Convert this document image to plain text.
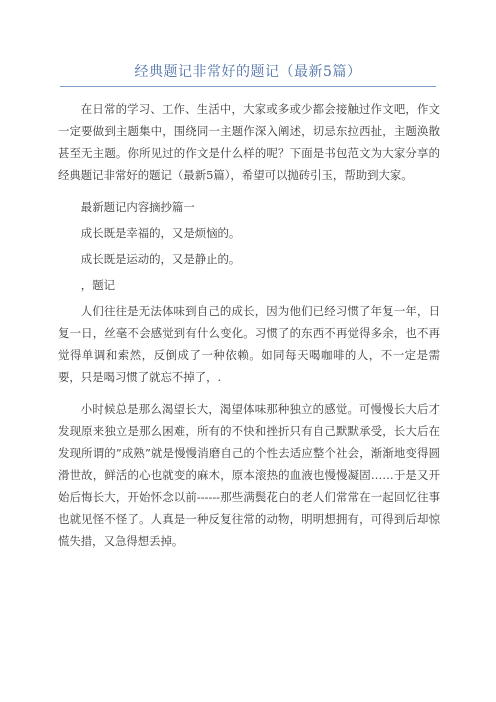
经典题记非常好的题记（最新5篇）

在日常的学习、工作、生活中，大家或多或少都会接触过作文吧，作文一定要做到主题集中，围绕同一主题作深入阐述，切忌东拉西扯，主题涣散甚至无主题。你所见过的作文是什么样的呢？下面是书包范文为大家分享的经典题记非常好的题记（最新5篇），希望可以抛砖引玉，帮助到大家。

最新题记内容摘抄篇一

成长既是幸福的，又是烦恼的。

成长既是运动的，又是静止的。

，题记

人们往往是无法体味到自己的成长，因为他们已经习惯了年复一年，日复一日，丝毫不会感觉到有什么变化。习惯了的东西不再觉得多余，也不再觉得单调和索然，反倒成了一种依赖。如同每天喝咖啡的人，不一定是需要，只是喝习惯了就忘不掉了，.

小时候总是那么渴望长大，渴望体味那种独立的感觉。可慢慢长大后才发现原来独立是那么困难，所有的不快和挫折只有自己默默承受，长大后在发现所谓的”成熟”就是慢慢消磨自己的个性去适应整个社会，渐渐地变得圆滑世故，鲜活的心也就变的麻木，原本滚热的血液也慢慢凝固……于是又开始后悔长大，开始怀念以前------那些满鬓花白的老人们常常在一起回忆往事也就见怪不怪了。人真是一种反复往常的动物，明明想拥有，可得到后却惊慌失措，又急得想丢掉。
